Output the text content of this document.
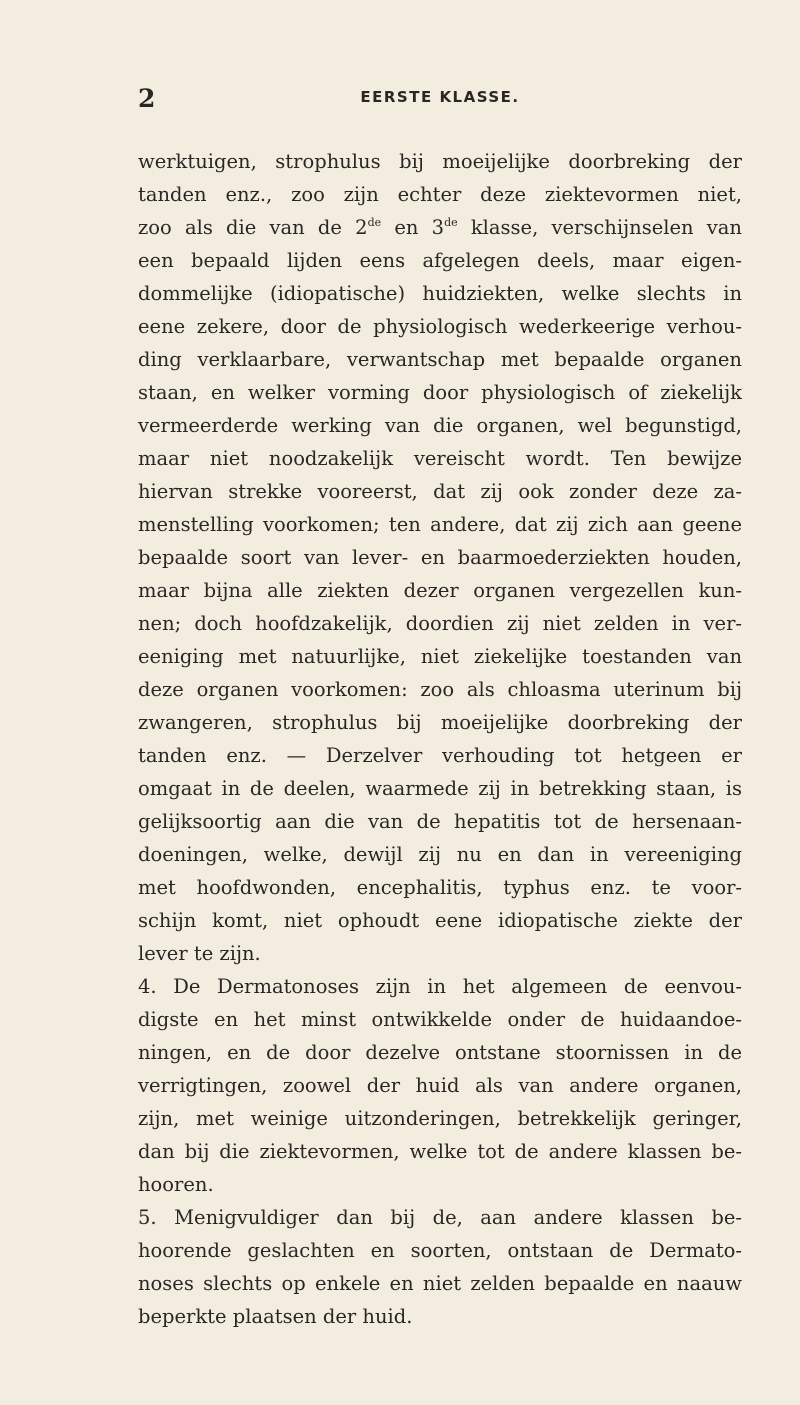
2	EERSTE KLASSE.
werktuigen, strophulus bij moeijelijke doorbreking der
tanden enz., zoo zijn echter deze ziektevormen niet,
zoo als die van de 2de en 3de klasse, verschijnselen van
een bepaald lijden eens afgelegen deels, maar eigen-
dommelijke (idiopatische) huidziekten, welke slechts in
eene zekere, door de physiologisch wederkeerige verhou-
ding verklaarbare, verwantschap met bepaalde organen
staan, en welker vorming door physiologisch of ziekelijk
vermeerderde werking van die organen, wel begunstigd,
maar niet noodzakelijk vereischt wordt. Ten bewijze
hiervan strekke vooreerst, dat zij ook zonder deze za-
menstelling voorkomen; ten andere, dat zij zich aan geene
bepaalde soort van lever- en baarmoederziekten houden,
maar bijna alle ziekten dezer organen vergezellen kun-
nen; doch hoofdzakelijk, doordien zij niet zelden in ver-
eeniging met natuurlijke, niet ziekelijke toestanden van
deze organen voorkomen: zoo als chloasma uterinum bij
zwangeren, strophulus bij moeijelijke doorbreking der
tanden enz. — Derzelver verhouding tot hetgeen er
omgaat in de deelen, waarmede zij in betrekking staan, is
gelijksoortig aan die van de hepatitis tot de hersenaan-
doeningen, welke, dewijl zij nu en dan in vereeniging
met hoofdwonden, encephalitis, typhus enz. te voor-
schijn komt, niet ophoudt eene idiopatische ziekte der
lever te zijn.
4. De Dermatonoses zijn in het algemeen de eenvou-
digste en het minst ontwikkelde onder de huidaandoe-
ningen, en de door dezelve ontstane stoornissen in de
verrigtingen, zoowel der huid als van andere organen,
zijn, met weinige uitzonderingen, betrekkelijk geringer,
dan bij die ziektevormen, welke tot de andere klassen be-
hooren.
5. Menigvuldiger dan bij de, aan andere klassen be-
hoorende geslachten en soorten, ontstaan de Dermato-
noses slechts op enkele en niet zelden bepaalde en naauw
beperkte plaatsen der huid.
